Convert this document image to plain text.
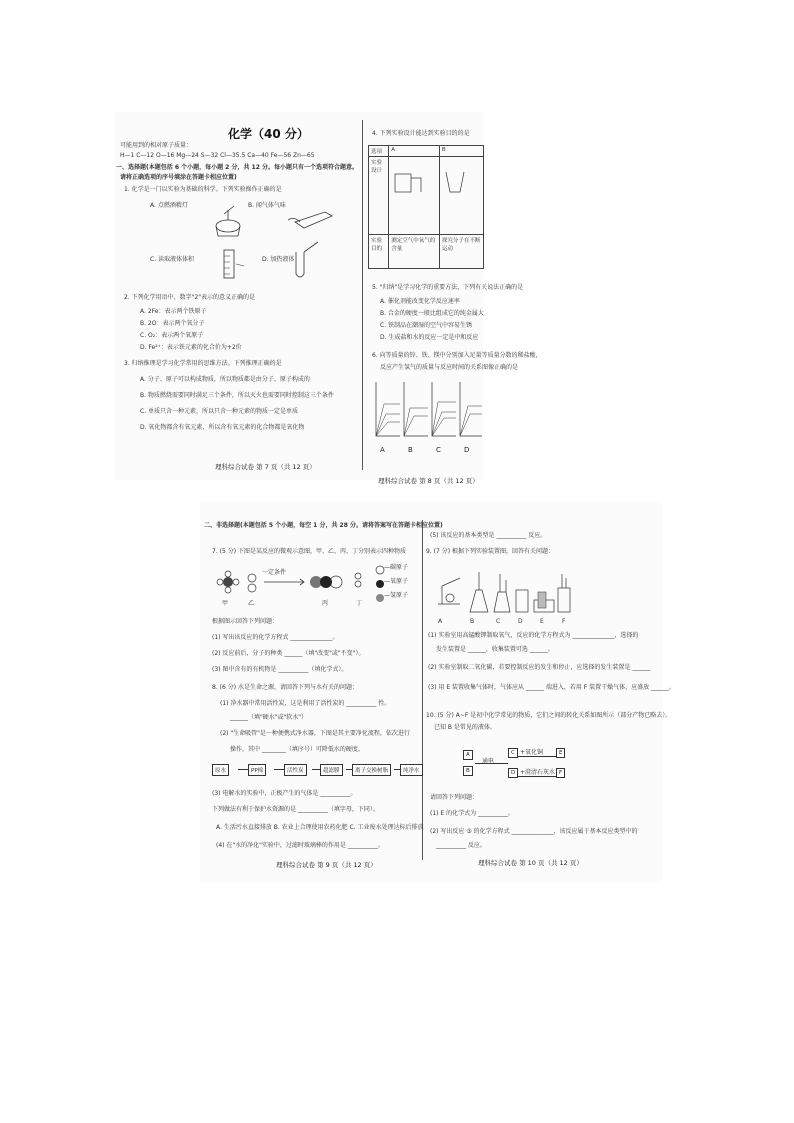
化学（40 分）
可能用到的相对原子质量：
H—1 C—12 O—16 Mg—24 S—32 Cl—35.5 Ca—40 Fe—56 Zn—65
一、选择题(本题包括 6 个小题，每小题 2 分，共 12 分。每小题只有一个选项符合题意。
请将正确选项的序号填涂在答题卡相应位置)
1. 化学是一门以实验为基础的科学。下列实验操作正确的是
A. 点燃酒精灯	B. 闻气体气味
C. 读取液体体积	D. 加热液体
2. 下列化学用语中，数字"2"表示的意义正确的是
A. 2Fe：表示两个铁原子
B. 2O：表示两个氧分子
C. O₂：表示两个氧原子
D. Fe²⁺：表示铁元素的化合价为+2价
3. 归纳推理是学习化学常用的思维方法。下列推理正确的是
A. 分子、原子可以构成物质，所以物质都是由分子、原子构成的
B. 物质燃烧需要同时满足三个条件，所以灭火也需要同时控制这三个条件
C. 单质只含一种元素，所以只含一种元素的物质一定是单质
D. 氧化物都含有氧元素，所以含有氧元素的化合物都是氧化物
理科综合试卷 第 7 页（共 12 页）
4. 下列实验设计能达到实验目的的是
选项	A	B
实验设计		
实验目的	测定空气中氧气的含量	探究分子在不断运动
5. "归纳"是学习化学的重要方法，下列有关说法正确的是
A. 催化剂能改变化学反应速率
B. 合金的硬度一般比组成它的纯金属大
C. 铁制品在潮湿的空气中容易生锈
D. 生成盐和水的反应一定是中和反应
6. 向等质量的锌、铁、镁中分别加入足量等质量分数的稀盐酸，
反应产生氢气的质量与反应时间的关系图像正确的是
A	B	C	D
理科综合试卷 第 8 页（共 12 页）
二、非选择题(本题包括 5 个小题，每空 1 分，共 28 分。请将答案写在答题卡相应位置)
7. (5 分) 下图是某反应的微观示意图，甲、乙、丙、丁分别表示四种物质
一定条件
—碳原子
—氧原子
—氢原子
甲	乙	丙	丁
根据图示回答下列问题：
(1) 写出该反应的化学方程式 ______________。
(2) 反应前后，分子的种类 ______（填"改变"或"不变"）。
(3) 图中含有的有机物是 __________（填化学式）。
8. (6 分) 水是生命之源，请回答下列与水有关的问题：
(1) 净水器中常用活性炭，这是利用了活性炭的 __________ 性。
______（填"硬水"或"软水"）
(2) "生命吸管"是一种便携式净水器，下图是其主要净化流程，依次进行
操作，其中 ________（填序号）可降低水的硬度。
原水	PP棉	活性炭	超滤膜	离子交换树脂	纯净水
(3) 电解水的实验中，正极产生的气体是 __________。
下列做法有利于保护水资源的是 __________（填字母，下同）。
A. 生活污水直接排放 B. 农业上合理使用农药化肥 C. 工业废水处理达标后排放
(4) 在"水的净化"实验中，过滤时玻璃棒的作用是 __________。
理科综合试卷 第 9 页（共 12 页）
(5) 该反应的基本类型是 __________ 反应。
9. (7 分) 根据下列实验装置图，回答有关问题：
A	B	C	D	E	F
(1) 实验室用高锰酸钾制取氧气，反应的化学方程式为 ______________，选择的
发生装置是 ______，收集装置可选 ______。
(2) 实验室制取二氧化碳，若要控制反应的发生和停止，应选择的发生装置是 ______
(3) 用 E 装置收集气体时，气体应从 ______ 端进入，若用 F 装置干燥气体，应盛放 ______。
10. (5 分) A~F 是初中化学常见的物质，它们之间的转化关系如图所示（部分产物已略去）。
已知 B 是常见的液体。
A
B
通电
C
D
+氧化铜
+澄清石灰水
E
F
请回答下列问题：
(1) E 的化学式为 __________。
(2) 写出反应 ③ 的化学方程式 ______________，该反应属于基本反应类型中的
__________ 反应。
理科综合试卷 第 10 页（共 12 页）
